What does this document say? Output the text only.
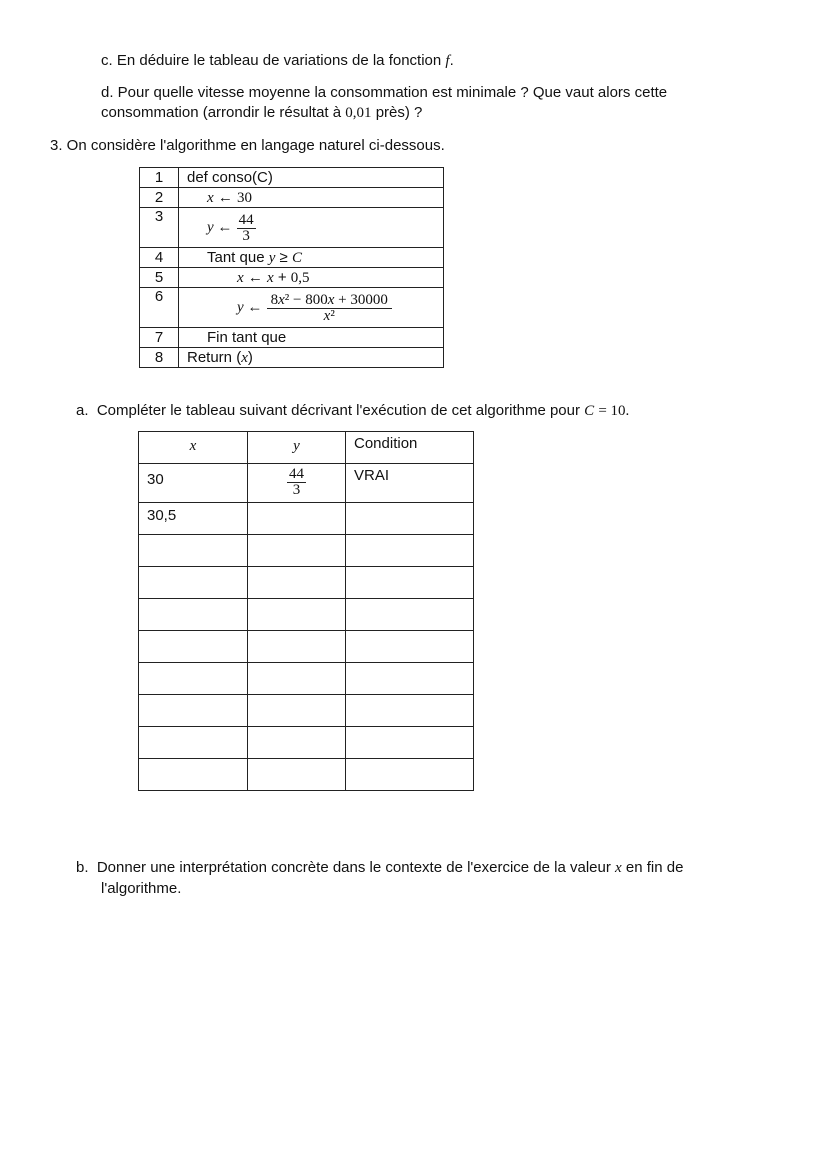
c. En déduire le tableau de variations de la fonction f.

d. Pour quelle vitesse moyenne la consommation est minimale ? Que vaut alors cette

consommation (arrondir le résultat à 0,01 près) ?

3. On considère l'algorithme en langage naturel ci-dessous.

1	def conso(C)
2	x ← 30
3	y ← $\frac{44}{3}$

4	Tant que y ≥ C
5	x ← x + 0,5
6	y ← $\frac{\text{8x² − 800x + 30000}}{\text{x²}}$

7	Fin tant que
8	Return (x)

a.  Compléter le tableau suivant décrivant l'exécution de cet algorithme pour C = 10.

x	y	Condition
30	$\frac{44}{3}$	VRAI
30,5		

b.  Donner une interprétation concrète dans le contexte de l'exercice de la valeur x en fin de

l'algorithme.
